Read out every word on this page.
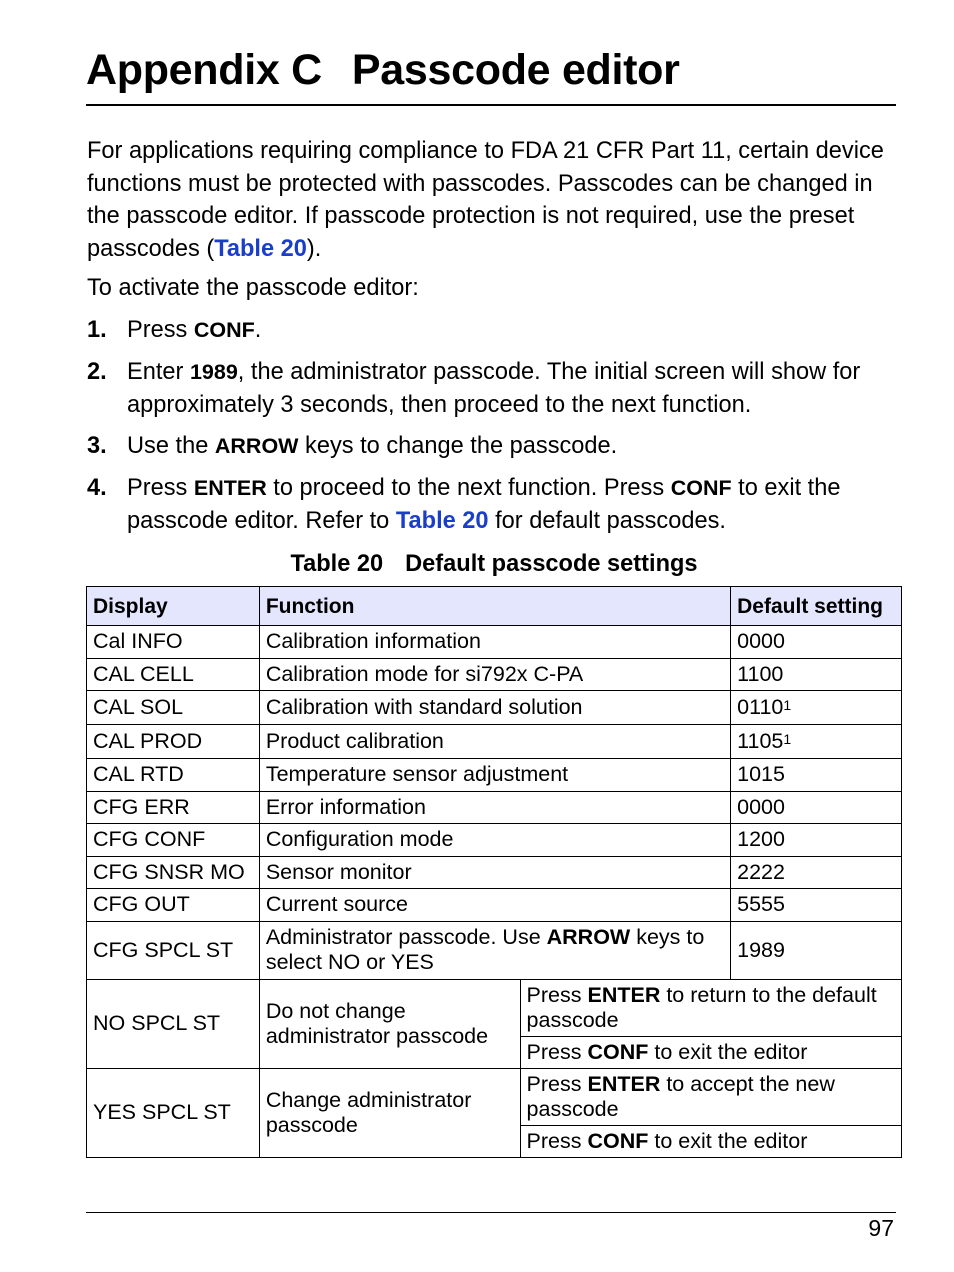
Appendix C Passcode editor

For applications requiring compliance to FDA 21 CFR Part 11, certain device functions must be protected with passcodes. Passcodes can be changed in the passcode editor. If passcode protection is not required, use the preset passcodes (Table 20).

To activate the passcode editor:

1. Press CONF.
2. Enter 1989, the administrator passcode. The initial screen will show for approximately 3 seconds, then proceed to the next function.
3. Use the ARROW keys to change the passcode.
4. Press ENTER to proceed to the next function. Press CONF to exit the passcode editor. Refer to Table 20 for default passcodes.
Table 20 Default passcode settings
Display	Function		Default setting
Cal INFO	Calibration information		0000
CAL CELL	Calibration mode for si792x C-PA		1100
CAL SOL	Calibration with standard solution		0110$^1$
CAL PROD	Product calibration		1105$^1$
CAL RTD	Temperature sensor adjustment		1015
CFG ERR	Error information		0000
CFG CONF	Configuration mode		1200
CFG SNSR MO	Sensor monitor		2222
CFG OUT	Current source		5555
CFG SPCL ST	Administrator passcode. Use ARROW keys to select NO or YES		1989
NO SPCL ST	Do not change administrator passcode	Press ENTER to return to the default passcode	
		Press CONF to exit the editor	
YES SPCL ST	Change administrator passcode	Press ENTER to accept the new passcode	
		Press CONF to exit the editor	
97
